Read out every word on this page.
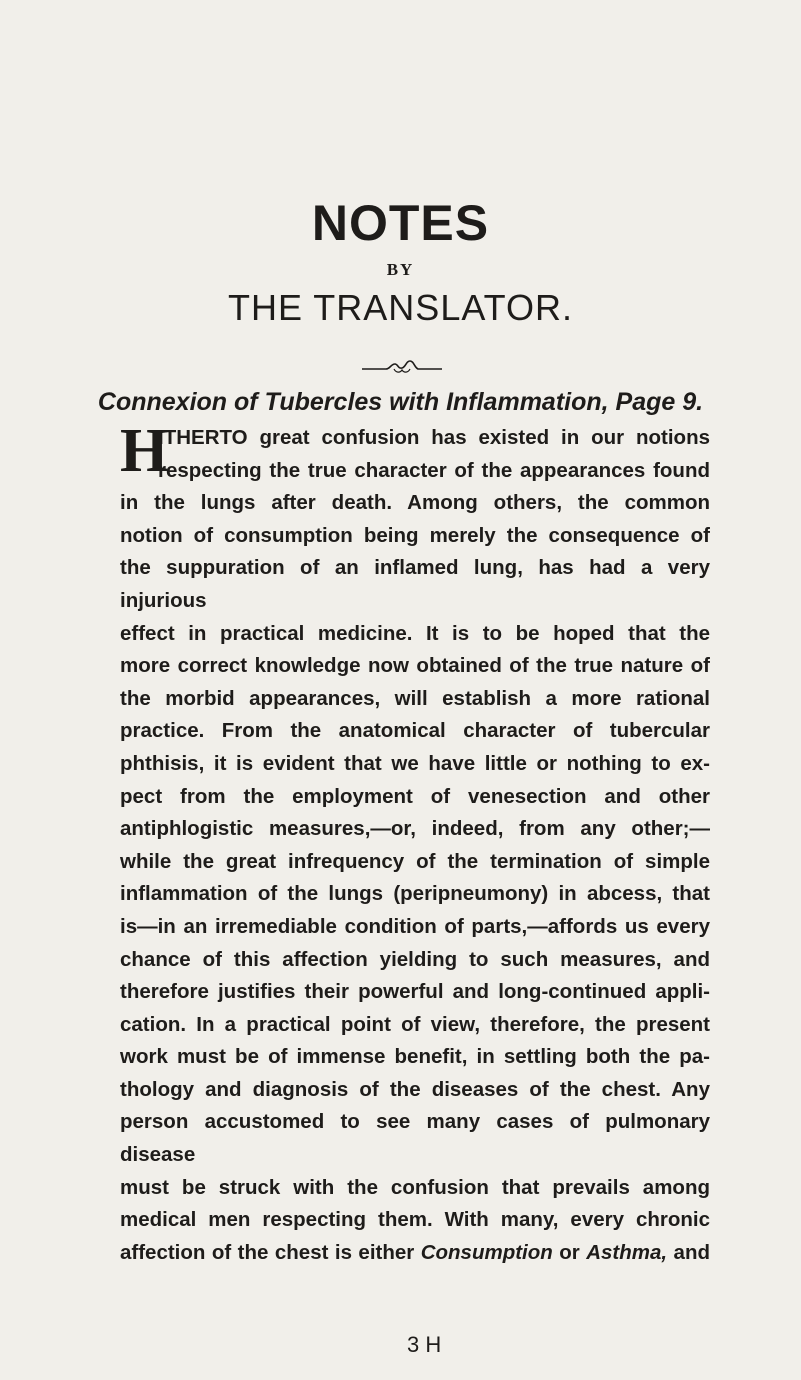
NOTES
BY
THE TRANSLATOR.
Connexion of Tubercles with Inflammation, Page 9.
H
ITHERTO great confusion has existed in our notions
respecting the true character of the appearances found
in the lungs after death. Among others, the common
notion of consumption being merely the consequence of
the suppuration of an inflamed lung, has had a very injurious
effect in practical medicine. It is to be hoped that the
more correct knowledge now obtained of the true nature of
the morbid appearances, will establish a more rational
practice. From the anatomical character of tubercular
phthisis, it is evident that we have little or nothing to ex-
pect from the employment of venesection and other
antiphlogistic measures,—or, indeed, from any other;—
while the great infrequency of the termination of simple
inflammation of the lungs (peripneumony) in abcess, that
is—in an irremediable condition of parts,—affords us every
chance of this affection yielding to such measures, and
therefore justifies their powerful and long-continued appli-
cation. In a practical point of view, therefore, the present
work must be of immense benefit, in settling both the pa-
thology and diagnosis of the diseases of the chest. Any
person accustomed to see many cases of pulmonary disease
must be struck with the confusion that prevails among
medical men respecting them. With many, every chronic
affection of the chest is either Consumption or Asthma, and
3 H
